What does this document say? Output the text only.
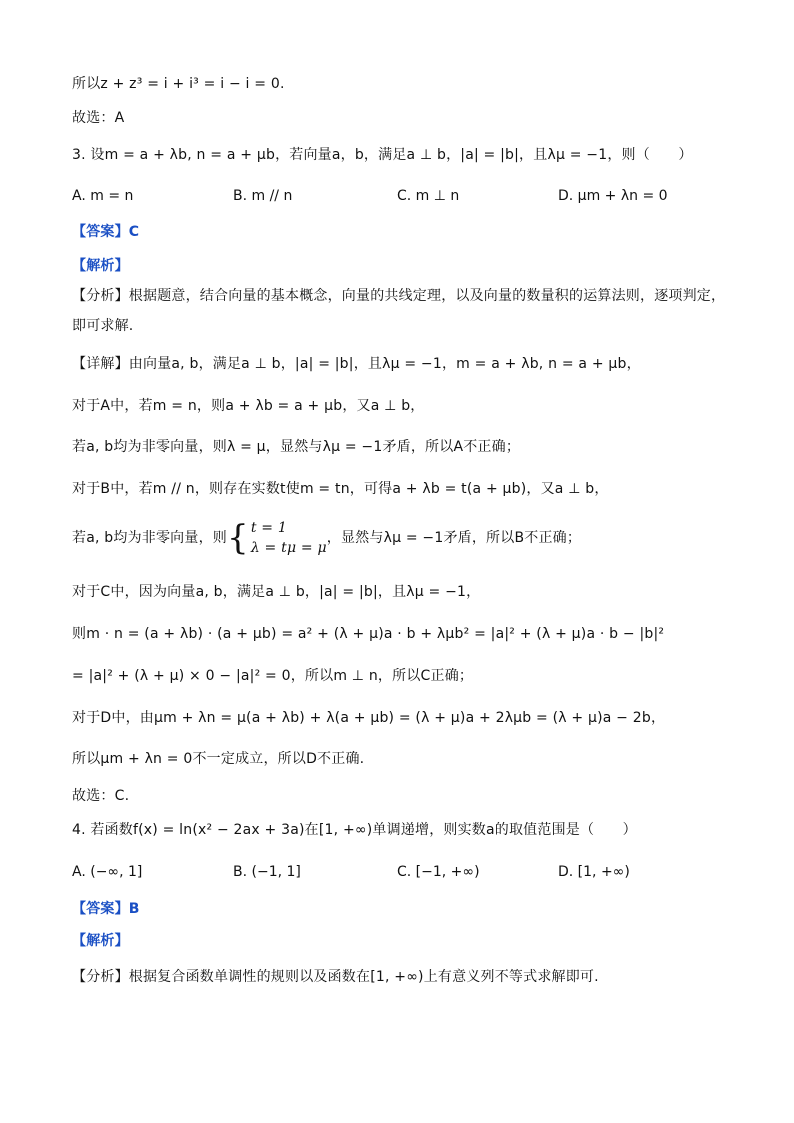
所以z + z³ = i + i³ = i − i = 0.
故选：A
3. 设m = a + λb, n = a + μb，若向量a，b，满足a ⊥ b，|a| = |b|，且λμ = −1，则（　　）
A. m = n	B. m // n	C. m ⊥ n	D. μm + λn = 0
【答案】C
【解析】
【分析】根据题意，结合向量的基本概念，向量的共线定理，以及向量的数量积的运算法则，逐项判定，
即可求解.
【详解】由向量a, b，满足a ⊥ b，|a| = |b|，且λμ = −1，m = a + λb, n = a + μb，
对于A中，若m = n，则a + λb = a + μb，又a ⊥ b，
若a, b均为非零向量，则λ = μ，显然与λμ = −1矛盾，所以A不正确；
对于B中，若m // n，则存在实数t使m = tn，可得a + λb = t(a + μb)，又a ⊥ b，
若a, b均为非零向量，则{ t = 1
λ = tμ = μ
，显然与λμ = −1矛盾，所以B不正确；
对于C中，因为向量a, b，满足a ⊥ b，|a| = |b|，且λμ = −1，
则m · n = (a + λb) · (a + μb) = a² + (λ + μ)a · b + λμb² = |a|² + (λ + μ)a · b − |b|²
= |a|² + (λ + μ) × 0 − |a|² = 0，所以m ⊥ n，所以C正确；
对于D中，由μm + λn = μ(a + λb) + λ(a + μb) = (λ + μ)a + 2λμb = (λ + μ)a − 2b，
所以μm + λn = 0不一定成立，所以D不正确.
故选：C.
4. 若函数f(x) = ln(x² − 2ax + 3a)在[1, +∞)单调递增，则实数a的取值范围是（　　）
A. (−∞, 1]	B. (−1, 1]	C. [−1, +∞)	D. [1, +∞)
【答案】B
【解析】
【分析】根据复合函数单调性的规则以及函数在[1, +∞)上有意义列不等式求解即可.
